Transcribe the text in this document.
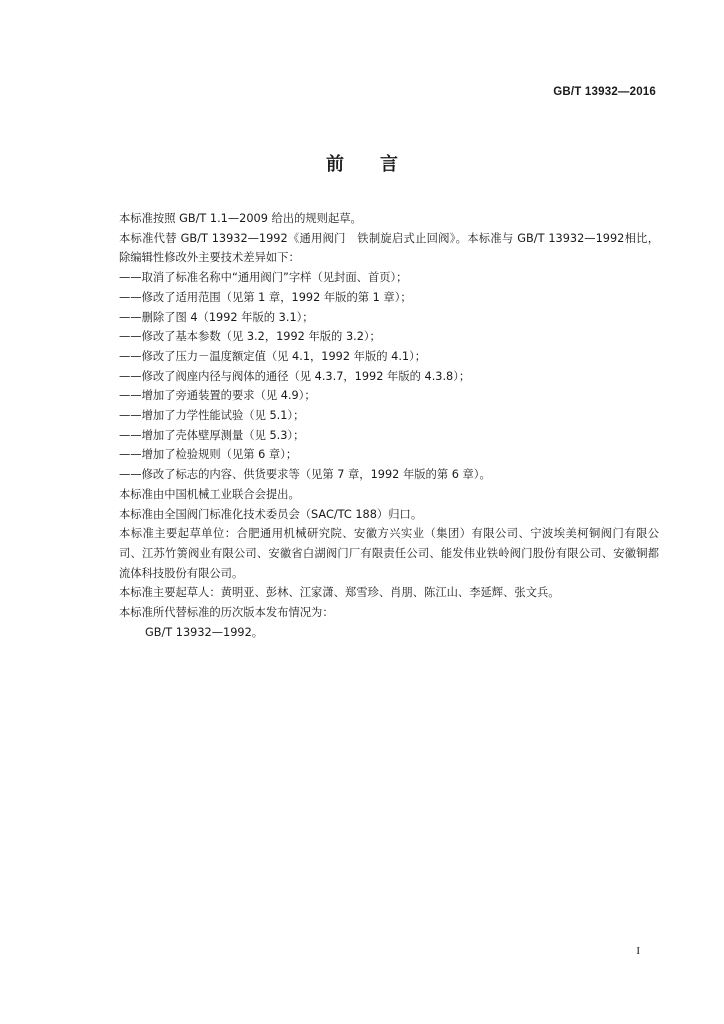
GB/T 13932—2016
前　　言

本标准按照 GB/T 1.1—2009 给出的规则起草。

本标准代替 GB/T 13932—1992《通用阀门　铁制旋启式止回阀》。本标准与 GB/T 13932—1992相比，除编辑性修改外主要技术差异如下：

——取消了标准名称中“通用阀门”字样（见封面、首页）；

——修改了适用范围（见第 1 章，1992 年版的第 1 章）；

——删除了图 4（1992 年版的 3.1）；

——修改了基本参数（见 3.2，1992 年版的 3.2）；

——修改了压力－温度额定值（见 4.1，1992 年版的 4.1）；

——修改了阀座内径与阀体的通径（见 4.3.7，1992 年版的 4.3.8）；

——增加了旁通装置的要求（见 4.9）；

——增加了力学性能试验（见 5.1）；

——增加了壳体壁厚测量（见 5.3）；

——增加了检验规则（见第 6 章）；

——修改了标志的内容、供货要求等（见第 7 章，1992 年版的第 6 章）。

本标准由中国机械工业联合会提出。

本标准由全国阀门标准化技术委员会（SAC/TC 188）归口。

本标准主要起草单位：合肥通用机械研究院、安徽方兴实业（集团）有限公司、宁波埃美柯铜阀门有限公司、江苏竹箦阀业有限公司、安徽省白湖阀门厂有限责任公司、能发伟业铁岭阀门股份有限公司、安徽铜都流体科技股份有限公司。

本标准主要起草人：黄明亚、彭林、江家潇、郑雪珍、肖朋、陈江山、李延辉、张文兵。

本标准所代替标准的历次版本发布情况为：

GB/T 13932—1992。

I
